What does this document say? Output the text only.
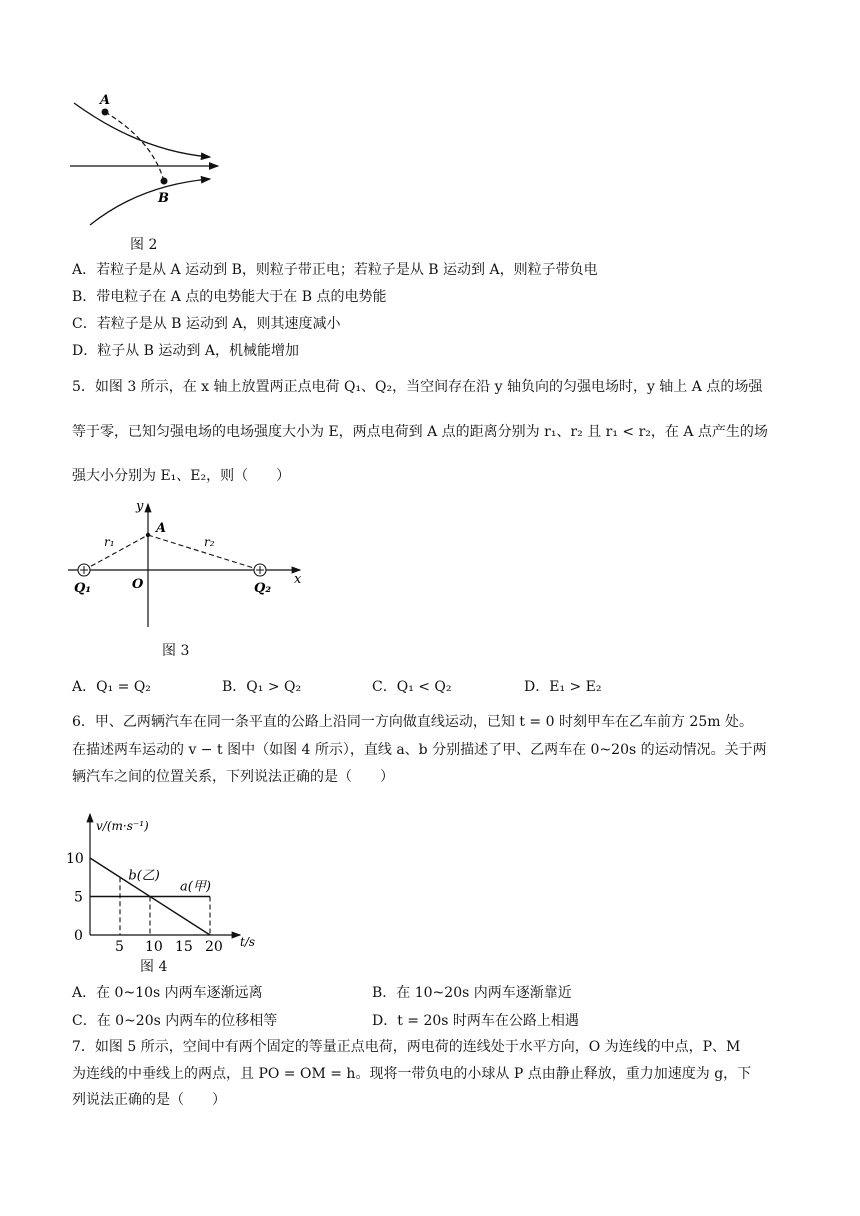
A
B
图 2
A．若粒子是从 A 运动到 B，则粒子带正电；若粒子是从 B 运动到 A，则粒子带负电
B．带电粒子在 A 点的电势能大于在 B 点的电势能
C．若粒子是从 B 运动到 A，则其速度减小
D．粒子从 B 运动到 A，机械能增加
5．如图 3 所示，在 x 轴上放置两正点电荷 Q₁、Q₂，当空间存在沿 y 轴负向的匀强电场时，y 轴上 A 点的场强
等于零，已知匀强电场的电场强度大小为 E，两点电荷到 A 点的距离分别为 r₁、r₂ 且 r₁ < r₂，在 A 点产生的场
强大小分别为 E₁、E₂，则（　　）
y
x
A
O
r₁	r₂
Q₁	Q₂
图 3
A．Q₁ = Q₂	B．Q₁ > Q₂	C．Q₁ < Q₂	D．E₁ > E₂
6．甲、乙两辆汽车在同一条平直的公路上沿同一方向做直线运动，已知 t = 0 时刻甲车在乙车前方 25m 处。
在描述两车运动的 v − t 图中（如图 4 所示），直线 a、b 分别描述了甲、乙两车在 0~20s 的运动情况。关于两
辆汽车之间的位置关系，下列说法正确的是（　　）
v/(m·s⁻¹)
t/s
5 10 15 20
0
5
10
a(甲)
b(乙)
图 4
A．在 0~10s 内两车逐渐远离	B．在 10~20s 内两车逐渐靠近
C．在 0~20s 内两车的位移相等	D．t = 20s 时两车在公路上相遇
7．如图 5 所示，空间中有两个固定的等量正点电荷，两电荷的连线处于水平方向，O 为连线的中点，P、M
为连线的中垂线上的两点，且 PO = OM = h。现将一带负电的小球从 P 点由静止释放，重力加速度为 g，下
列说法正确的是（　　）
